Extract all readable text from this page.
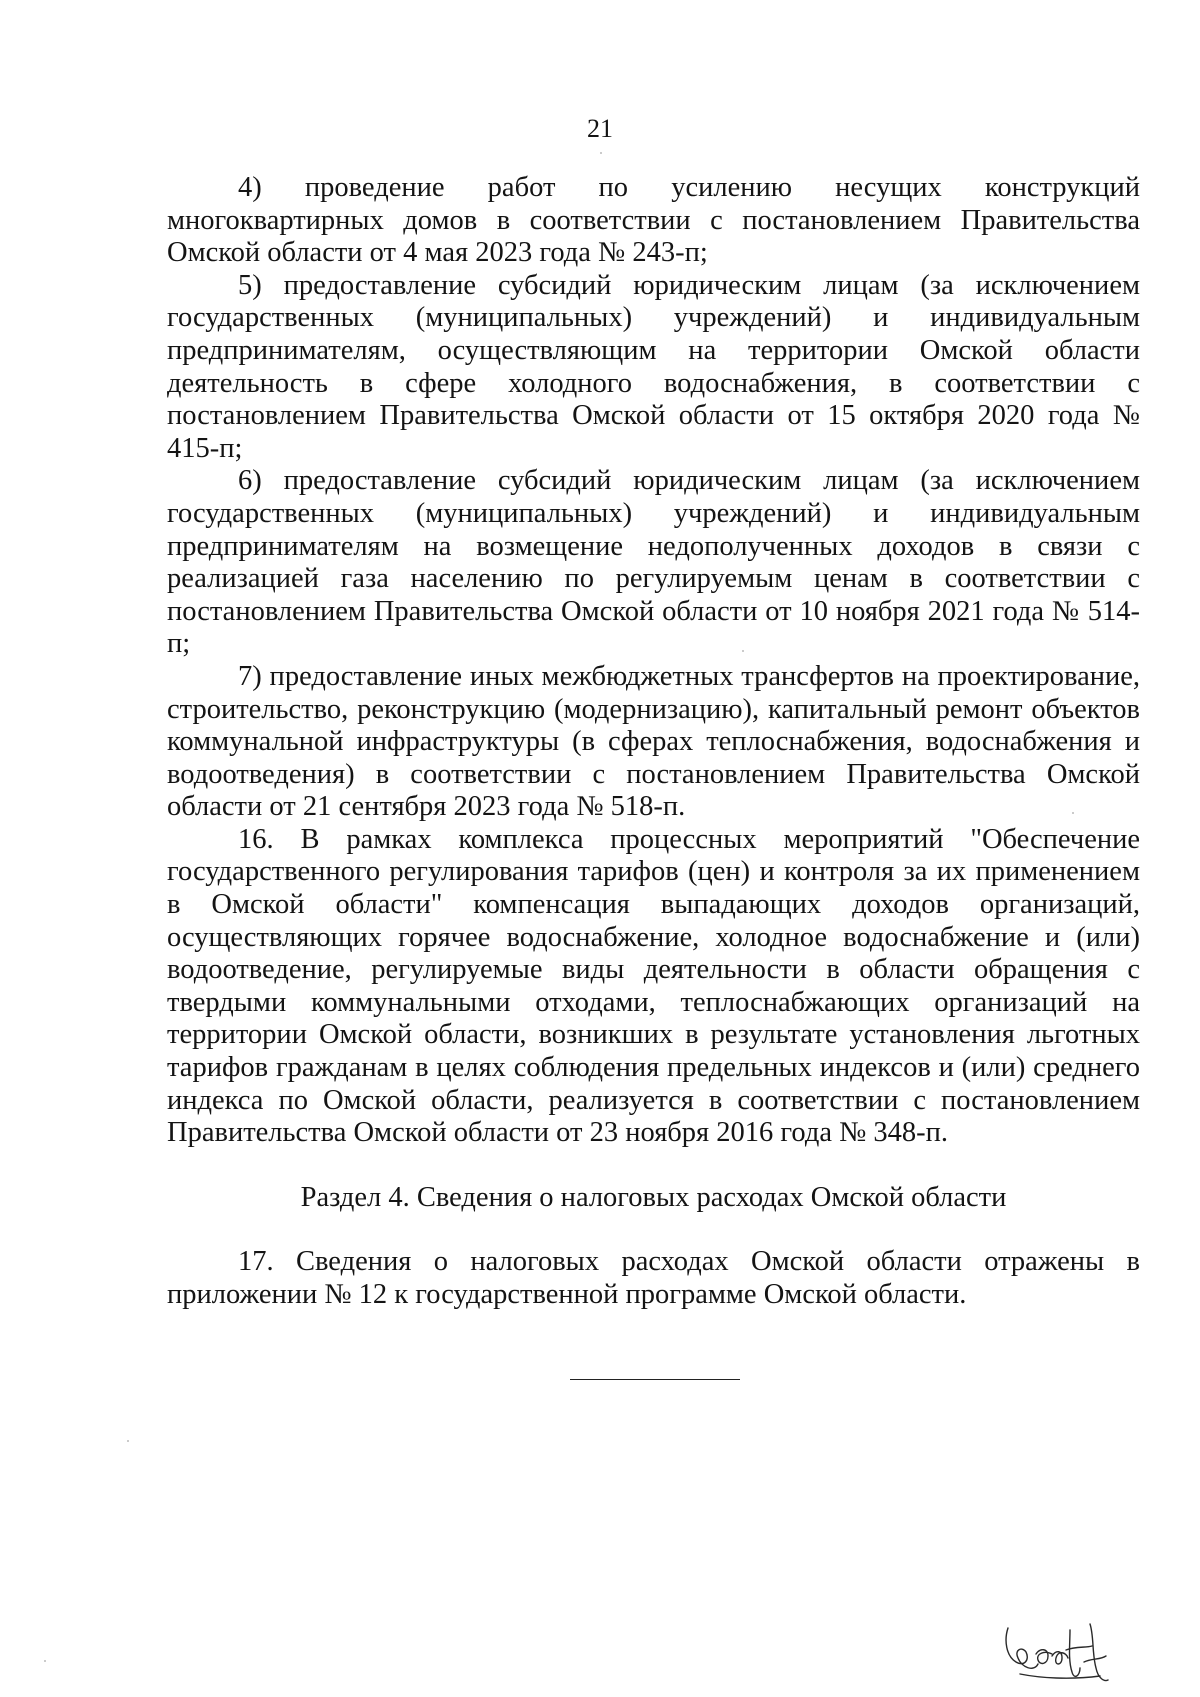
21

4) проведение работ по усилению несущих конструкций многоквартирных домов в соответствии с постановлением Правительства Омской области от 4 мая 2023 года № 243-п;

5) предоставление субсидий юридическим лицам (за исключением государственных (муниципальных) учреждений) и индивидуальным предпринимателям, осуществляющим на территории Омской области деятельность в сфере холодного водоснабжения, в соответствии с постановлением Правительства Омской области от 15 октября 2020 года № 415-п;

6) предоставление субсидий юридическим лицам (за исключением государственных (муниципальных) учреждений) и индивидуальным предпринимателям на возмещение недополученных доходов в связи с реализацией газа населению по регулируемым ценам в соответствии с постановлением Правительства Омской области от 10 ноября 2021 года № 514-п;

7) предоставление иных межбюджетных трансфертов на проектирование, строительство, реконструкцию (модернизацию), капитальный ремонт объектов коммунальной инфраструктуры (в сферах теплоснабжения, водоснабжения и водоотведения) в соответствии с постановлением Правительства Омской области от 21 сентября 2023 года № 518-п.

16. В рамках комплекса процессных мероприятий "Обеспечение государственного регулирования тарифов (цен) и контроля за их применением в Омской области" компенсация выпадающих доходов организаций, осуществляющих горячее водоснабжение, холодное водоснабжение и (или) водоотведение, регулируемые виды деятельности в области обращения с твердыми коммунальными отходами, теплоснабжающих организаций на территории Омской области, возникших в результате установления льготных тарифов гражданам в целях соблюдения предельных индексов и (или) среднего индекса по Омской области, реализуется в соответствии с постановлением Правительства Омской области от 23 ноября 2016 года № 348-п.

Раздел 4. Сведения о налоговых расходах Омской области

17. Сведения о налоговых расходах Омской области отражены в приложении № 12 к государственной программе Омской области.
